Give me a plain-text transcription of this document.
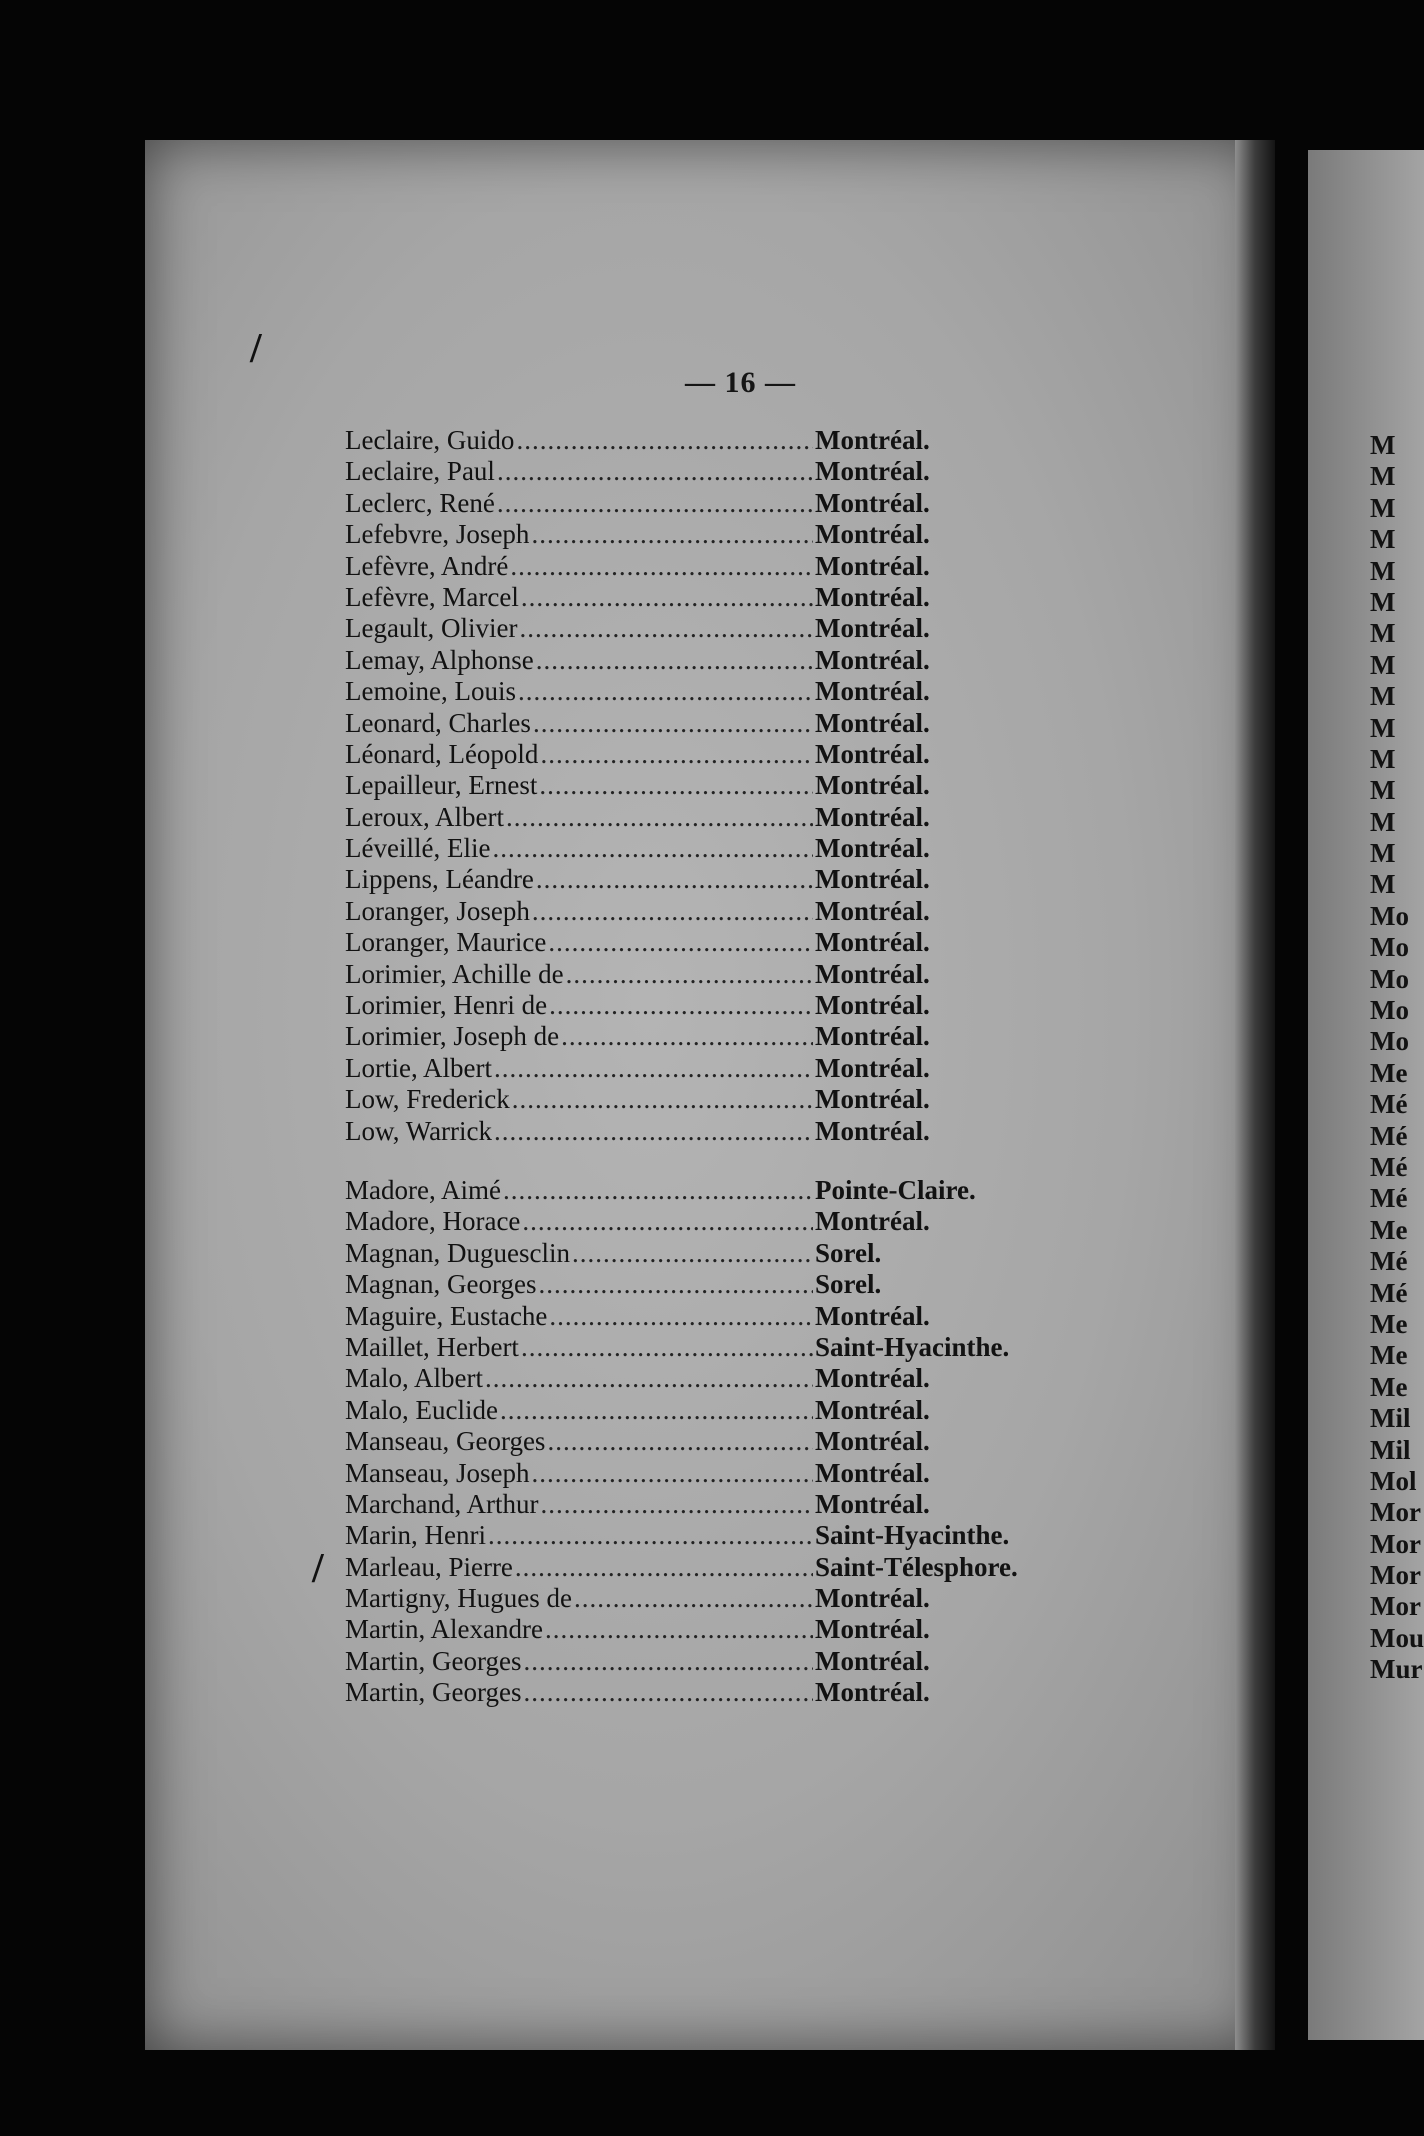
/
/
— 16 —
Leclaire, Guido .....	Montréal.
Leclaire, Paul .....	Montréal.
Leclerc, René .....	Montréal.
Lefebvre, Joseph .....	Montréal.
Lefèvre, André .....	Montréal.
Lefèvre, Marcel .....	Montréal.
Legault, Olivier .....	Montréal.
Lemay, Alphonse .....	Montréal.
Lemoine, Louis .....	Montréal.
Leonard, Charles .....	Montréal.
Léonard, Léopold .....	Montréal.
Lepailleur, Ernest .....	Montréal.
Leroux, Albert .....	Montréal.
Léveillé, Elie .....	Montréal.
Lippens, Léandre .....	Montréal.
Loranger, Joseph .....	Montréal.
Loranger, Maurice .....	Montréal.
Lorimier, Achille de .....	Montréal.
Lorimier, Henri de .....	Montréal.
Lorimier, Joseph de .....	Montréal.
Lortie, Albert .....	Montréal.
Low, Frederick .....	Montréal.
Low, Warrick .....	Montréal.
Madore, Aimé .....	Pointe-Claire.
Madore, Horace .....	Montréal.
Magnan, Duguesclin .....	Sorel.
Magnan, Georges .....	Sorel.
Maguire, Eustache .....	Montréal.
Maillet, Herbert .....	Saint-Hyacinthe.
Malo, Albert .....	Montréal.
Malo, Euclide .....	Montréal.
Manseau, Georges .....	Montréal.
Manseau, Joseph .....	Montréal.
Marchand, Arthur .....	Montréal.
Marin, Henri .....	Saint-Hyacinthe.
Marleau, Pierre .....	Saint-Télesphore.
Martigny, Hugues de .....	Montréal.
Martin, Alexandre .....	Montréal.
Martin, Georges .....	Montréal.
Martin, Georges .....	Montréal.
M
M
M
M
M
M
M
M
M
M
M
M
M
M
M
Mo
Mo
Mo
Mo
Mo
Me
Mé
Mé
Mé
Mé
Me
Mé
Mé
Me
Me
Me
Mil
Mil
Mol
Mor
Mor
Mor
Mor
Mou
Mur
